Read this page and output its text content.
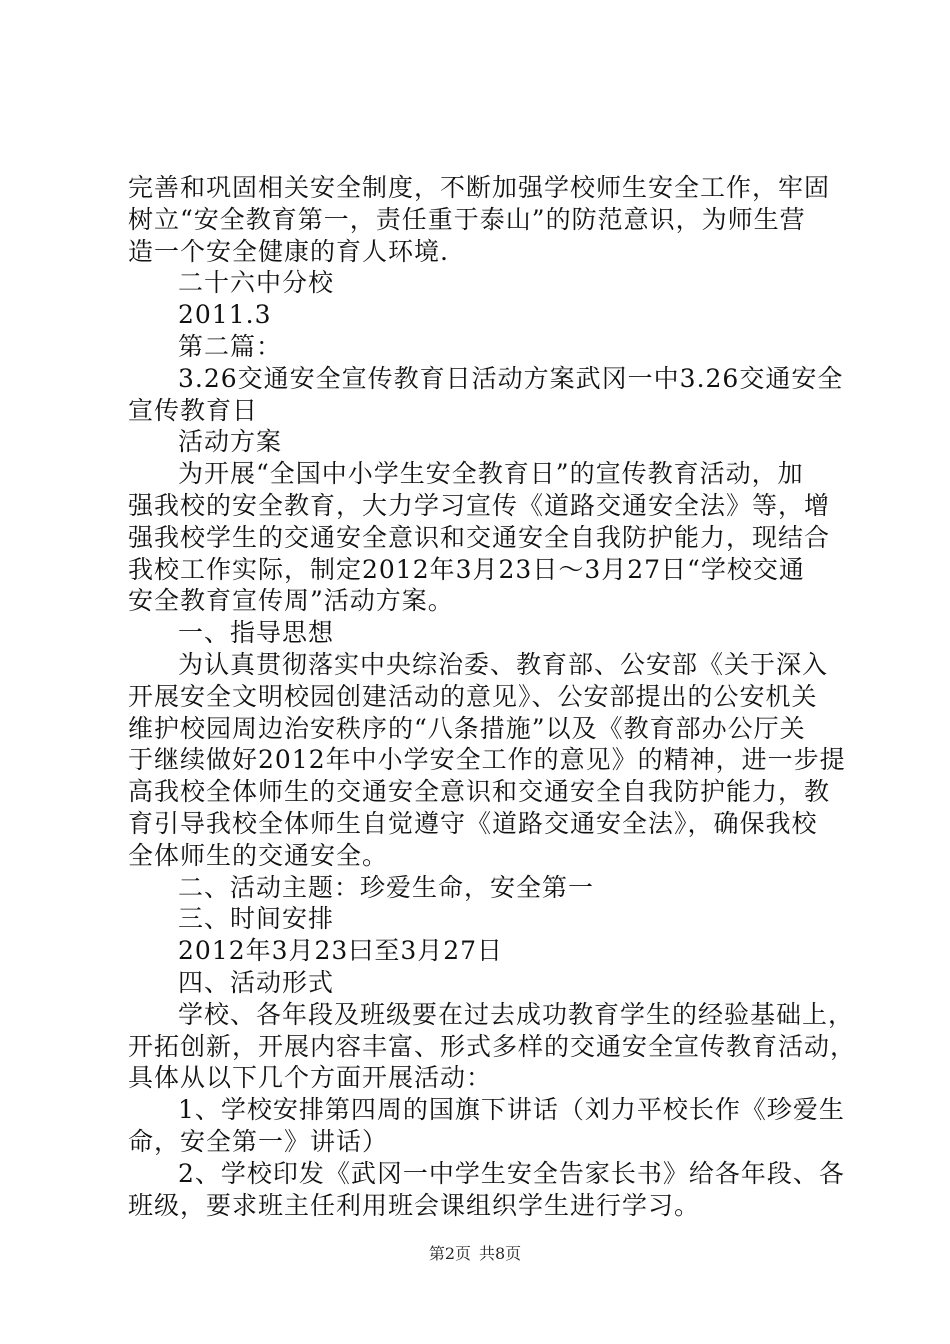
完善和巩固相关安全制度，不断加强学校师生安全工作，牢固
树立“安全教育第一，责任重于泰山”的防范意识，为师生营
造一个安全健康的育人环境.
二十六中分校
2011.3
第二篇：
3.26交通安全宣传教育日活动方案武冈一中3.26交通安全
宣传教育日
活动方案
为开展“全国中小学生安全教育日”的宣传教育活动，加
强我校的安全教育，大力学习宣传《道路交通安全法》等，增
强我校学生的交通安全意识和交通安全自我防护能力，现结合
我校工作实际，制定2012年3月23日～3月27日“学校交通
安全教育宣传周”活动方案。
一、指导思想
为认真贯彻落实中央综治委、教育部、公安部《关于深入
开展安全文明校园创建活动的意见》、公安部提出的公安机关
维护校园周边治安秩序的“八条措施”以及《教育部办公厅关
于继续做好2012年中小学安全工作的意见》的精神，进一步提
高我校全体师生的交通安全意识和交通安全自我防护能力，教
育引导我校全体师生自觉遵守《道路交通安全法》，确保我校
全体师生的交通安全。
二、活动主题：珍爱生命，安全第一
三、时间安排
2012年3月23曰至3月27日
四、活动形式
学校、各年段及班级要在过去成功教育学生的经验基础上，
开拓创新，开展内容丰富、形式多样的交通安全宣传教育活动，
具体从以下几个方面开展活动：
1、学校安排第四周的国旗下讲话（刘力平校长作《珍爱生
命，安全第一》讲话）
2、学校印发《武冈一中学生安全告家长书》给各年段、各
班级，要求班主任利用班会课组织学生进行学习。
第2页 共8页
